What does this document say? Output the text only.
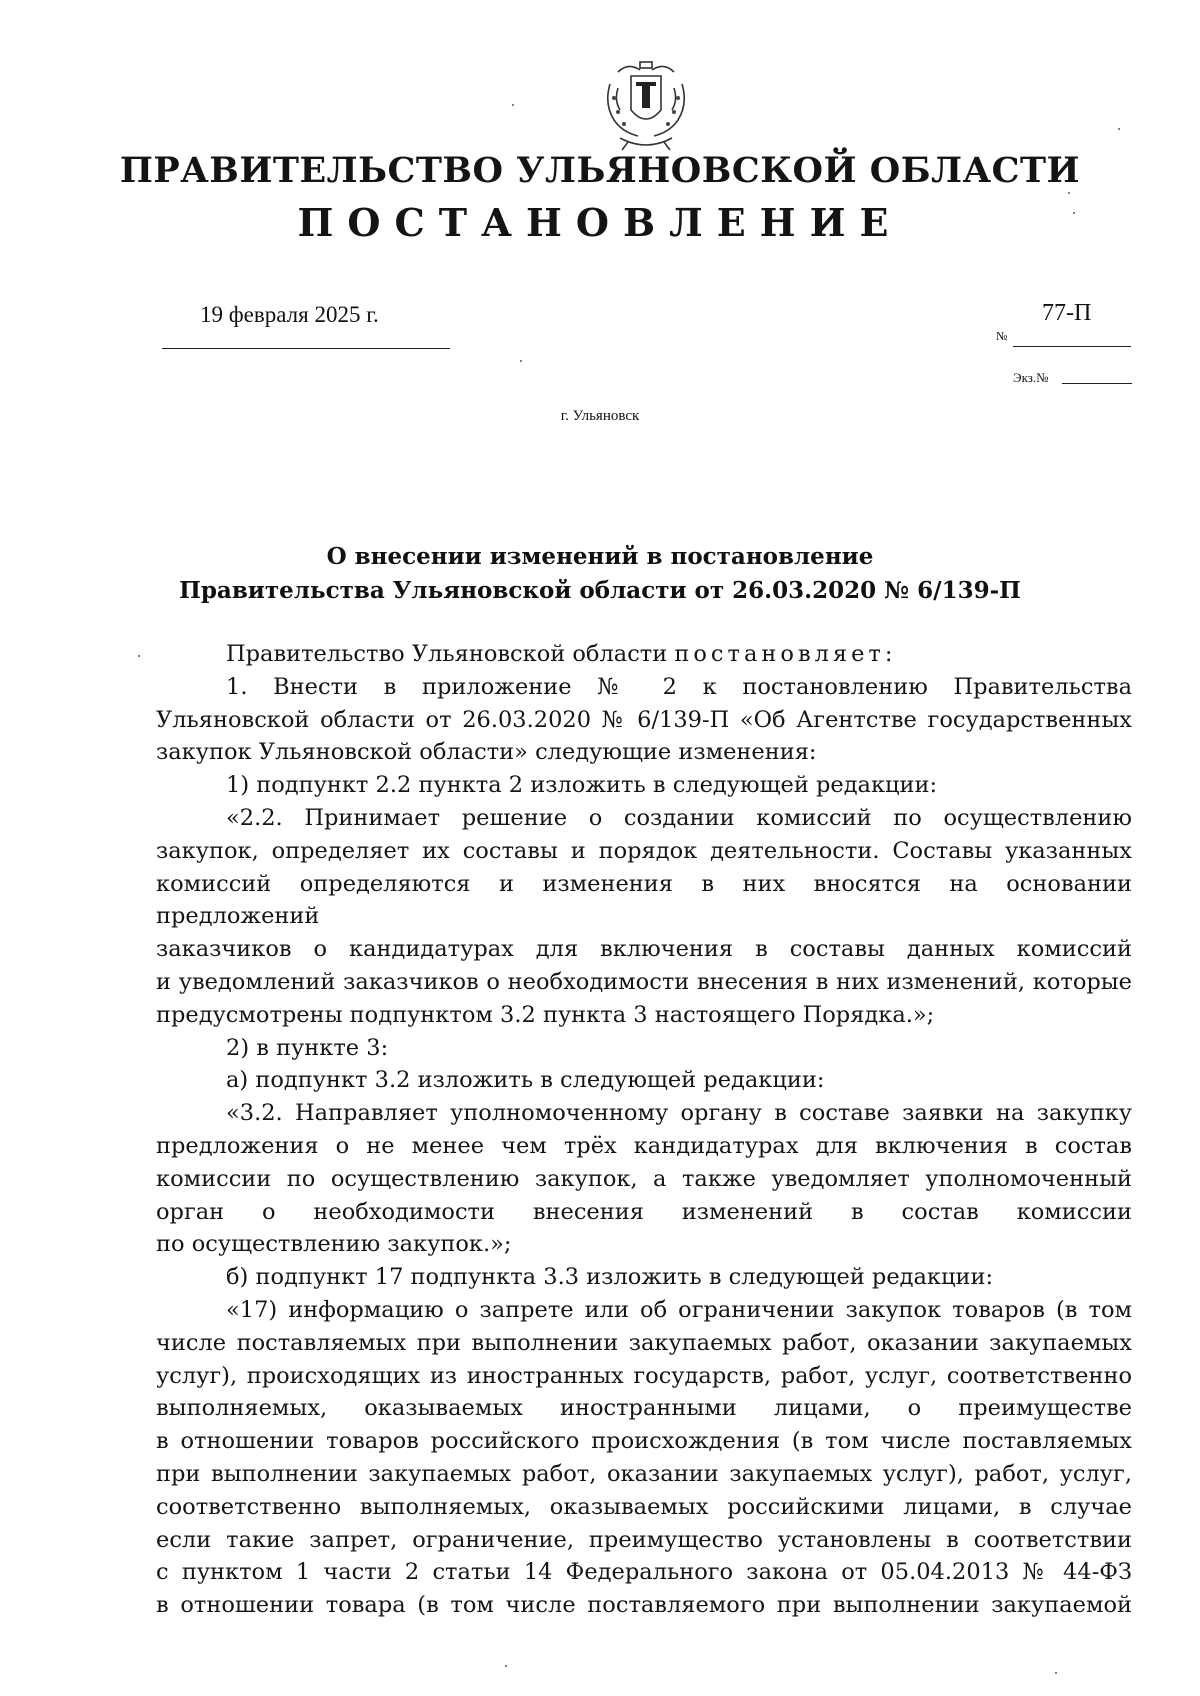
ПРАВИТЕЛЬСТВО УЛЬЯНОВСКОЙ ОБЛАСТИ
ПОСТАНОВЛЕНИЕ
19 февраля 2025 г.
№
77-П
Экз.№
г. Ульяновск
О внесении изменений в постановление
Правительства Ульяновской области от 26.03.2020 № 6/139-П

Правительство Ульяновской области постановляет:

1. Внести в приложение № 2 к постановлению Правительства

Ульяновской области от 26.03.2020 № 6/139-П «Об Агентстве государственных

закупок Ульяновской области» следующие изменения:

1) подпункт 2.2 пункта 2 изложить в следующей редакции:

«2.2. Принимает решение о создании комиссий по осуществлению

закупок, определяет их составы и порядок деятельности. Составы указанных

комиссий определяются и изменения в них вносятся на основании предложений

заказчиков о кандидатурах для включения в составы данных комиссий

и уведомлений заказчиков о необходимости внесения в них изменений, которые

предусмотрены подпунктом 3.2 пункта 3 настоящего Порядка.»;

2) в пункте 3:

а) подпункт 3.2 изложить в следующей редакции:

«3.2. Направляет уполномоченному органу в составе заявки на закупку

предложения о не менее чем трёх кандидатурах для включения в состав

комиссии по осуществлению закупок, а также уведомляет уполномоченный

орган о необходимости внесения изменений в состав комиссии

по осуществлению закупок.»;

б) подпункт 17 подпункта 3.3 изложить в следующей редакции:

«17) информацию о запрете или об ограничении закупок товаров (в том

числе поставляемых при выполнении закупаемых работ, оказании закупаемых

услуг), происходящих из иностранных государств, работ, услуг, соответственно

выполняемых, оказываемых иностранными лицами, о преимуществе

в отношении товаров российского происхождения (в том числе поставляемых

при выполнении закупаемых работ, оказании закупаемых услуг), работ, услуг,

соответственно выполняемых, оказываемых российскими лицами, в случае

если такие запрет, ограничение, преимущество установлены в соответствии

с пунктом 1 части 2 статьи 14 Федерального закона от 05.04.2013 № 44-ФЗ

в отношении товара (в том числе поставляемого при выполнении закупаемой
